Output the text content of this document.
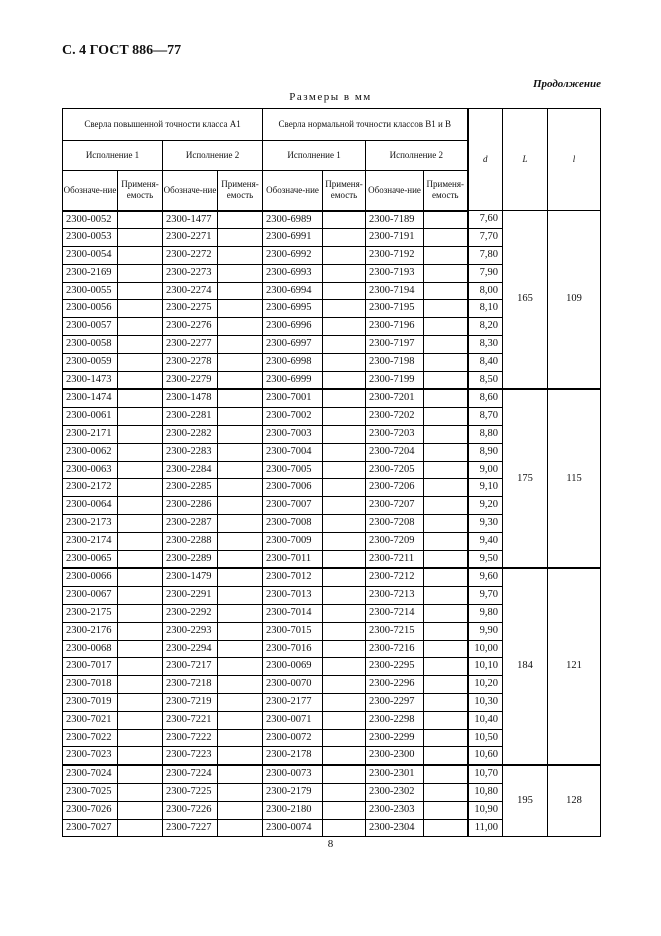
С. 4 ГОСТ 886—77
Продолжение
Размеры в мм
Сверла повышенной точности класса А1				Сверла нормальной точности классов В1 и В				d	L	l
Исполнение 1		Исполнение 2		Исполнение 1		Исполнение 2				
Обозначе-ние	Применя-емость	Обозначе-ние	Применя-емость	Обозначе-ние	Применя-емость	Обозначе-ние	Применя-емость			
2300-0052		2300-1477		2300-6989		2300-7189		7,60	165	109
2300-0053		2300-2271		2300-6991		2300-7191		7,70		
2300-0054		2300-2272		2300-6992		2300-7192		7,80		
2300-2169		2300-2273		2300-6993		2300-7193		7,90		
2300-0055		2300-2274		2300-6994		2300-7194		8,00		
2300-0056		2300-2275		2300-6995		2300-7195		8,10		
2300-0057		2300-2276		2300-6996		2300-7196		8,20		
2300-0058		2300-2277		2300-6997		2300-7197		8,30		
2300-0059		2300-2278		2300-6998		2300-7198		8,40		
2300-1473		2300-2279		2300-6999		2300-7199		8,50		
2300-1474		2300-1478		2300-7001		2300-7201		8,60	175	115
2300-0061		2300-2281		2300-7002		2300-7202		8,70		
2300-2171		2300-2282		2300-7003		2300-7203		8,80		
2300-0062		2300-2283		2300-7004		2300-7204		8,90		
2300-0063		2300-2284		2300-7005		2300-7205		9,00		
2300-2172		2300-2285		2300-7006		2300-7206		9,10		
2300-0064		2300-2286		2300-7007		2300-7207		9,20		
2300-2173		2300-2287		2300-7008		2300-7208		9,30		
2300-2174		2300-2288		2300-7009		2300-7209		9,40		
2300-0065		2300-2289		2300-7011		2300-7211		9,50		
2300-0066		2300-1479		2300-7012		2300-7212		9,60	184	121
2300-0067		2300-2291		2300-7013		2300-7213		9,70		
2300-2175		2300-2292		2300-7014		2300-7214		9,80		
2300-2176		2300-2293		2300-7015		2300-7215		9,90		
2300-0068		2300-2294		2300-7016		2300-7216		10,00		
2300-7017		2300-7217		2300-0069		2300-2295		10,10		
2300-7018		2300-7218		2300-0070		2300-2296		10,20		
2300-7019		2300-7219		2300-2177		2300-2297		10,30		
2300-7021		2300-7221		2300-0071		2300-2298		10,40		
2300-7022		2300-7222		2300-0072		2300-2299		10,50		
2300-7023		2300-7223		2300-2178		2300-2300		10,60		
2300-7024		2300-7224		2300-0073		2300-2301		10,70	195	128
2300-7025		2300-7225		2300-2179		2300-2302		10,80		
2300-7026		2300-7226		2300-2180		2300-2303		10,90		
2300-7027		2300-7227		2300-0074		2300-2304		11,00		
8
